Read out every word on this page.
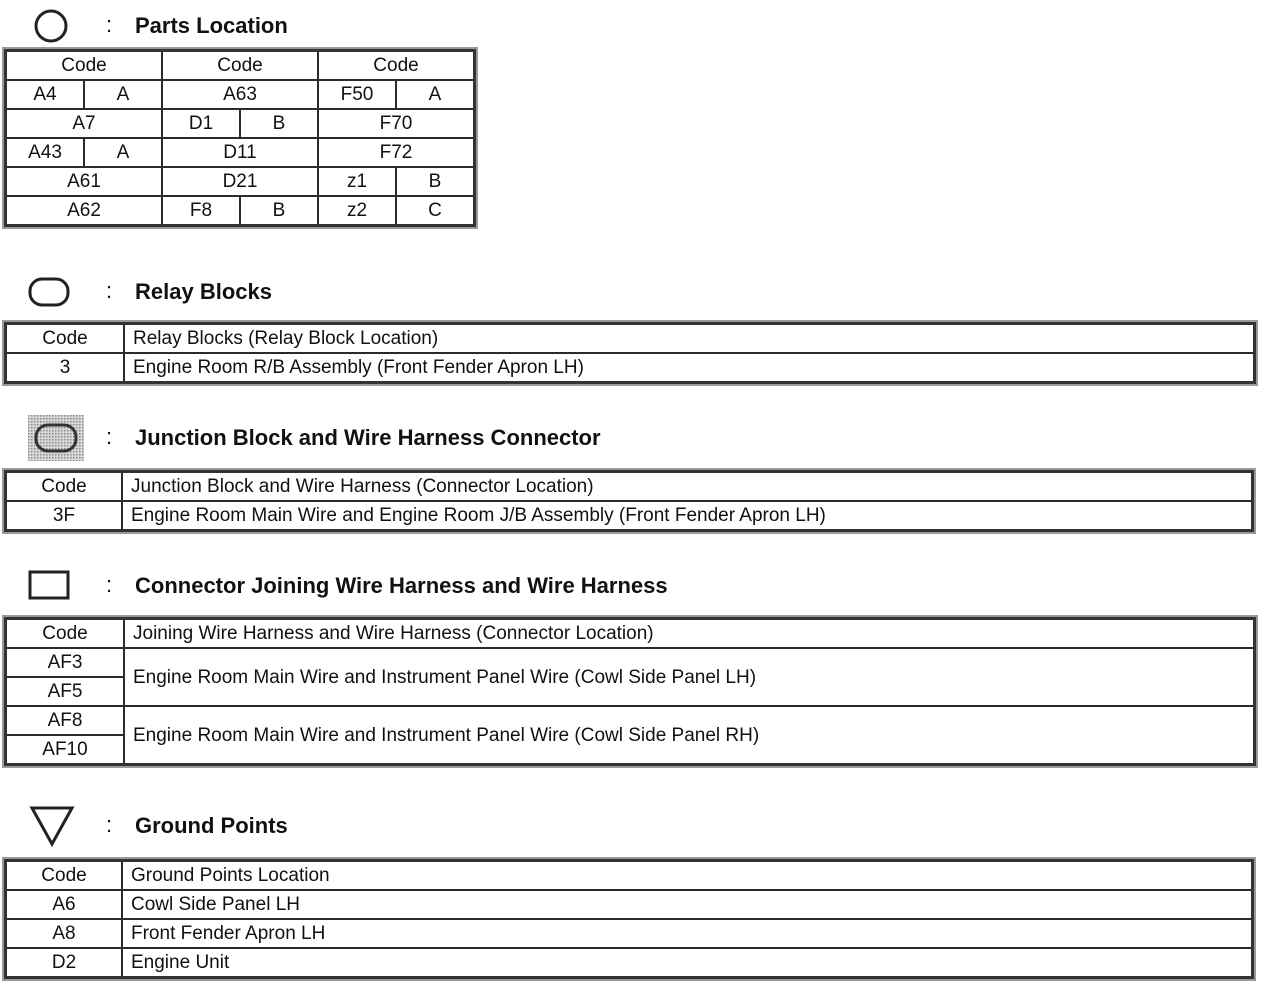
: Parts Location
Code		Code		Code	
A4	A	A63		F50	A
A7		D1	B	F70	
A43	A	D11		F72	
A61		D21		z1	B
A62		F8	B	z2	C
: Relay Blocks
Code	Relay Blocks (Relay Block Location)
3	Engine Room R/B Assembly (Front Fender Apron LH)
: Junction Block and Wire Harness Connector
Code	Junction Block and Wire Harness (Connector Location)
3F	Engine Room Main Wire and Engine Room J/B Assembly (Front Fender Apron LH)
: Connector Joining Wire Harness and Wire Harness
Code	Joining Wire Harness and Wire Harness (Connector Location)
AF3	Engine Room Main Wire and Instrument Panel Wire (Cowl Side Panel LH)
AF5	
AF8	Engine Room Main Wire and Instrument Panel Wire (Cowl Side Panel RH)
AF10	
: Ground Points
Code	Ground Points Location
A6	Cowl Side Panel LH
A8	Front Fender Apron LH
D2	Engine Unit
